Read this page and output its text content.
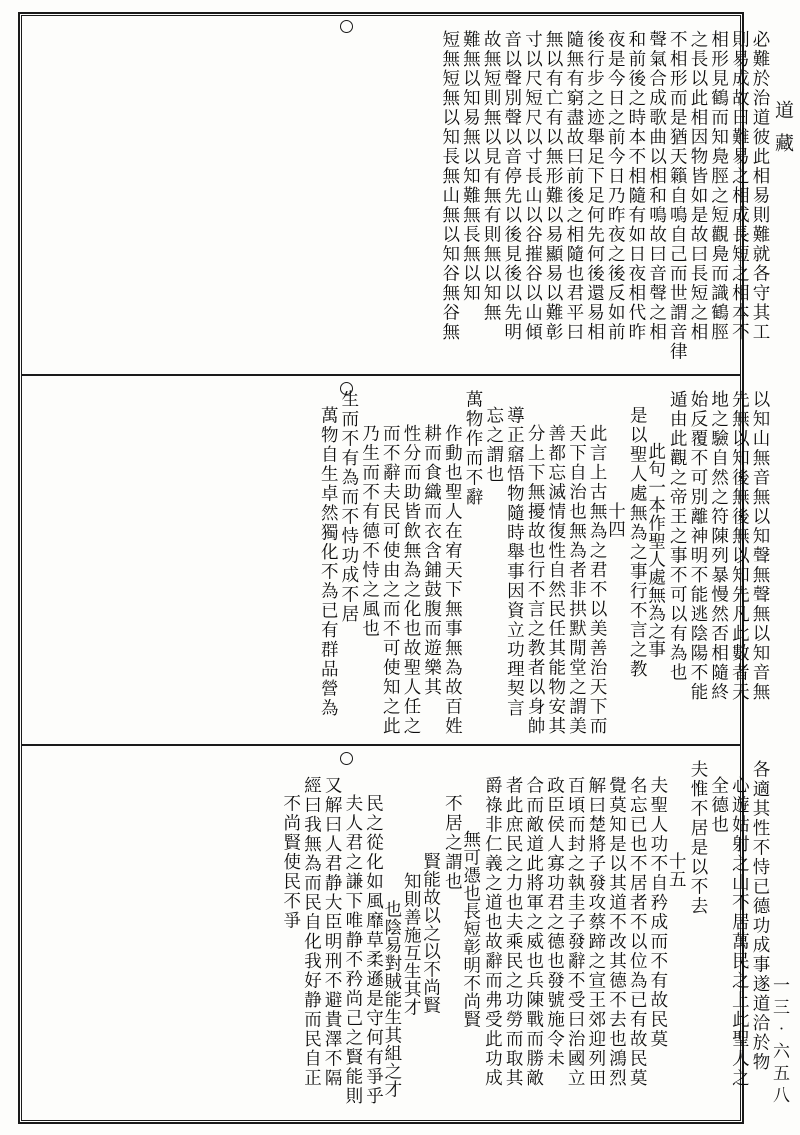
必難於治道彼此相易則難就各守其工
則易成故曰難易之相成長短之相本不
相形見鶴而知鳧脛之短觀鳧而識鶴脛
之長以此相因物皆如是故曰長短之相
不相形而是猶天籟自鳴自己而世謂音律
聲氣合成歌曲以相和鳴故曰音聲之相
和前後之時本不相隨有如日夜相代昨
夜是今日之前今日乃昨夜之後反如前
後行步之迹舉足下足何先何後還易相
隨無有窮盡故曰前後之相隨也君平曰
無以有亡有以無形難以易顯易以難彰
寸以尺短尺以寸長山以谷摧谷以山傾
音以聲別聲以音停先以後見後以先明
故無短則無以見有無有則無以知無
難無以知易無以知難無長無以知
短無短無以知長無山無以知谷無谷無
以知山無音無以知聲無聲無以知音無
先無以知後無後無以知先凡此數者天
地之驗自然之符陳列暴慢然否相隨終
始反覆不可別離神明不能逃陰陽不能
遁由此觀之帝王之事不可以有為也
此句一本作聖人處無為之事
是以聖人處無為之事行不言之教
十四
此言上古無為之君不以美善治天下而
天下自治也無為者非拱默閒堂之謂美
善都忘滅情復性自然民任其能物安其
分上下無擾故也行不言之教者以身帥
導正窹悟物隨時舉事因資立功理契言
忘之謂也
萬物作而不辭
作動也聖人在宥天下無事無為故百姓
耕而食織而衣含鋪鼓腹而遊樂其
性分而助皆飲無為之化也故聖人任之
而不辭夫民可使由之而不可使知之此
乃生而不有德不恃之風也
生而不有為而不恃功成不居
萬物自生卓然獨化不為已有群品營為
各適其性不恃已德功成事遂道洽於物
心遊姑射之山不居萬民之上此聖人之
全德也
夫惟不居是以不去
十五
夫聖人功不自矜成而不有故民莫
名忘已也不居者不以位為已有故民莫
覺莫知是以其道不改其德不去也鴻烈
解曰楚將子發攻蔡蹄之宣王郊迎列田
百頃而封之執圭子發辭不受曰治國立
政臣侯人寡功君之德也發號施令未
合而敵道此將軍之威也兵陳戰而勝敵
者此庶民之力也夫乘民之功勞而取其
爵祿非仁義之道也故辭而弗受此功成
無可憑也長短彰明不尚賢
不居之謂也
賢能故以之以不尚賢
知則善施互生其才
也陰易對賊能生其組之才
民之從化如風靡草柔遜是守何有爭乎
夫人君之謙下唯静不矜尚己之賢能則
又解曰人君静大臣明刑不避貴澤不隔
經曰我無為而民自化我好静而民自正
不尚賢使民不爭
道藏
一三‧六五八
